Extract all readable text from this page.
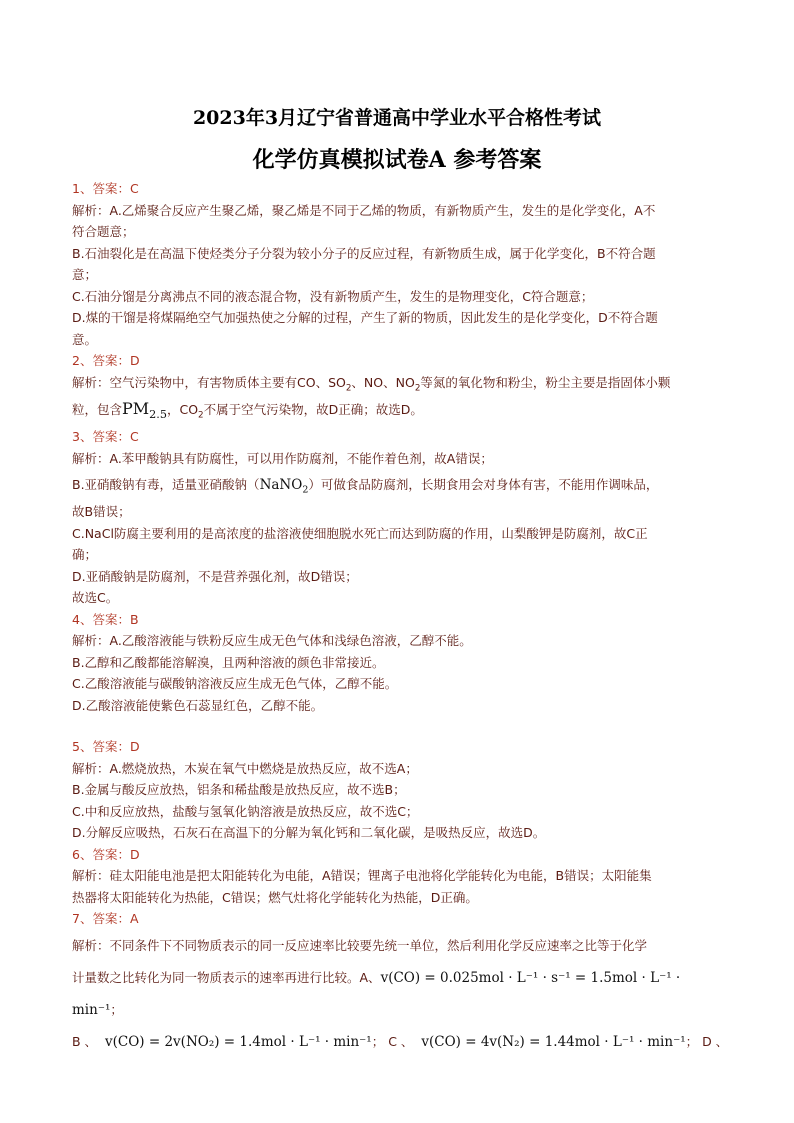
2023年3月辽宁省普通高中学业水平合格性考试
化学仿真模拟试卷A 参考答案

1、答案：C

解析：A.乙烯聚合反应产生聚乙烯，聚乙烯是不同于乙烯的物质，有新物质产生，发生的是化学变化，A不

符合题意；

B.石油裂化是在高温下使烃类分子分裂为较小分子的反应过程，有新物质生成，属于化学变化，B不符合题

意；

C.石油分馏是分离沸点不同的液态混合物，没有新物质产生，发生的是物理变化，C符合题意；

D.煤的干馏是将煤隔绝空气加强热使之分解的过程，产生了新的物质，因此发生的是化学变化，D不符合题

意。

2、答案：D

解析：空气污染物中，有害物质体主要有CO、$SO_2$、NO、$NO_2$等氮的氧化物和粉尘，粉尘主要是指固体小颗

粒，包含$PM_{2.5}$，$CO_2$不属于空气污染物，故D正确；故选D。

3、答案：C

解析：A.苯甲酸钠具有防腐性，可以用作防腐剂，不能作着色剂，故A错误；

B.亚硝酸钠有毒，适量亚硝酸钠（NaNO$_2$）可做食品防腐剂，长期食用会对身体有害，不能用作调味品，

故B错误；

C.NaCl防腐主要利用的是高浓度的盐溶液使细胞脱水死亡而达到防腐的作用，山梨酸钾是防腐剂，故C正

确；

D.亚硝酸钠是防腐剂，不是营养强化剂，故D错误；

故选C。

4、答案：B

解析：A.乙酸溶液能与铁粉反应生成无色气体和浅绿色溶液，乙醇不能。

B.乙醇和乙酸都能溶解溴，且两种溶液的颜色非常接近。

C.乙酸溶液能与碳酸钠溶液反应生成无色气体，乙醇不能。

D.乙酸溶液能使紫色石蕊显红色，乙醇不能。

5、答案：D

解析：A.燃烧放热，木炭在氧气中燃烧是放热反应，故不选A；

B.金属与酸反应放热，铝条和稀盐酸是放热反应，故不选B；

C.中和反应放热，盐酸与氢氧化钠溶液是放热反应，故不选C；

D.分解反应吸热，石灰石在高温下的分解为氧化钙和二氧化碳，是吸热反应，故选D。

6、答案：D

解析：硅太阳能电池是把太阳能转化为电能，A错误；锂离子电池将化学能转化为电能，B错误；太阳能集

热器将太阳能转化为热能，C错误；燃气灶将化学能转化为热能，D正确。

7、答案：A

解析：不同条件下不同物质表示的同一反应速率比较要先统一单位，然后利用化学反应速率之比等于化学

计量数之比转化为同一物质表示的速率再进行比较。A、v(CO) = 0.025mol · L⁻¹ · s⁻¹ = 1.5mol · L⁻¹ · min⁻¹；

B 、 v(CO) = 2v(NO₂) = 1.4mol · L⁻¹ · min⁻¹； C 、 v(CO) = 4v(N₂) = 1.44mol · L⁻¹ · min⁻¹； D 、
